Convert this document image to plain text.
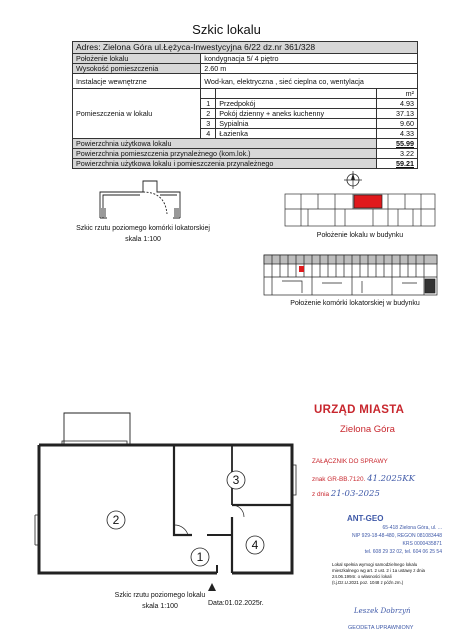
Szkic lokalu
Adres: Zielona Góra ul.Łężyca-Inwestycyjna 6/22 dz.nr 361/328			
Położenie lokalu	kondygnacja 5/ 4 piętro		
Wysokość pomieszczenia	2.60 m		
Instalacje wewnętrzne	Wod-kan, elektryczna , sieć cieplna co, wentylacja		
Pomieszczenia w lokalu			m²
	1	Przedpokój	4.93
	2	Pokój dzienny + aneks kuchenny	37.13
	3	Sypialnia	9.60
	4	Łazienka	4.33
Powierzchnia użytkowa lokalu			55.99
Powierzchnia pomieszczenia przynależnego (kom.lok.)			3.22
Powierzchnia użytkowa lokalu i pomieszczenia przynależnego			59.21
Szkic rzutu poziomego komórki lokatorskiej
skala 1:100
Położenie lokalu w budynku
Położenie komórki lokatorskiej w budynku
2
3
4
1
Szkic rzutu poziomego lokalu
skala 1:100	Data:01.02.2025r.
URZĄD MIASTA
Zielona Góra
ZAŁĄCZNIK DO SPRAWY
znak GR-BB.7120. 41.2025KK
z dnia 21-03-2025
ANT-GEO
65-418 Zielona Góra, ul. ...
NIP 929-18-48-480, REGON 081083448
KRS 0000435871
tel. 608 29 32 02, tel. 604 06 25 54
Lokal spełnia wymogi samodzielnego lokalu
mieszkalnego wg art. 2 ust. 2 i 1a ustawy z dnia
24.06.1994r. o własności lokali
(t.j.Dz.U.2021 poz. 1048 z późn.zm.)
Leszek Dobrzyń
GEODETA UPRAWNIONY
